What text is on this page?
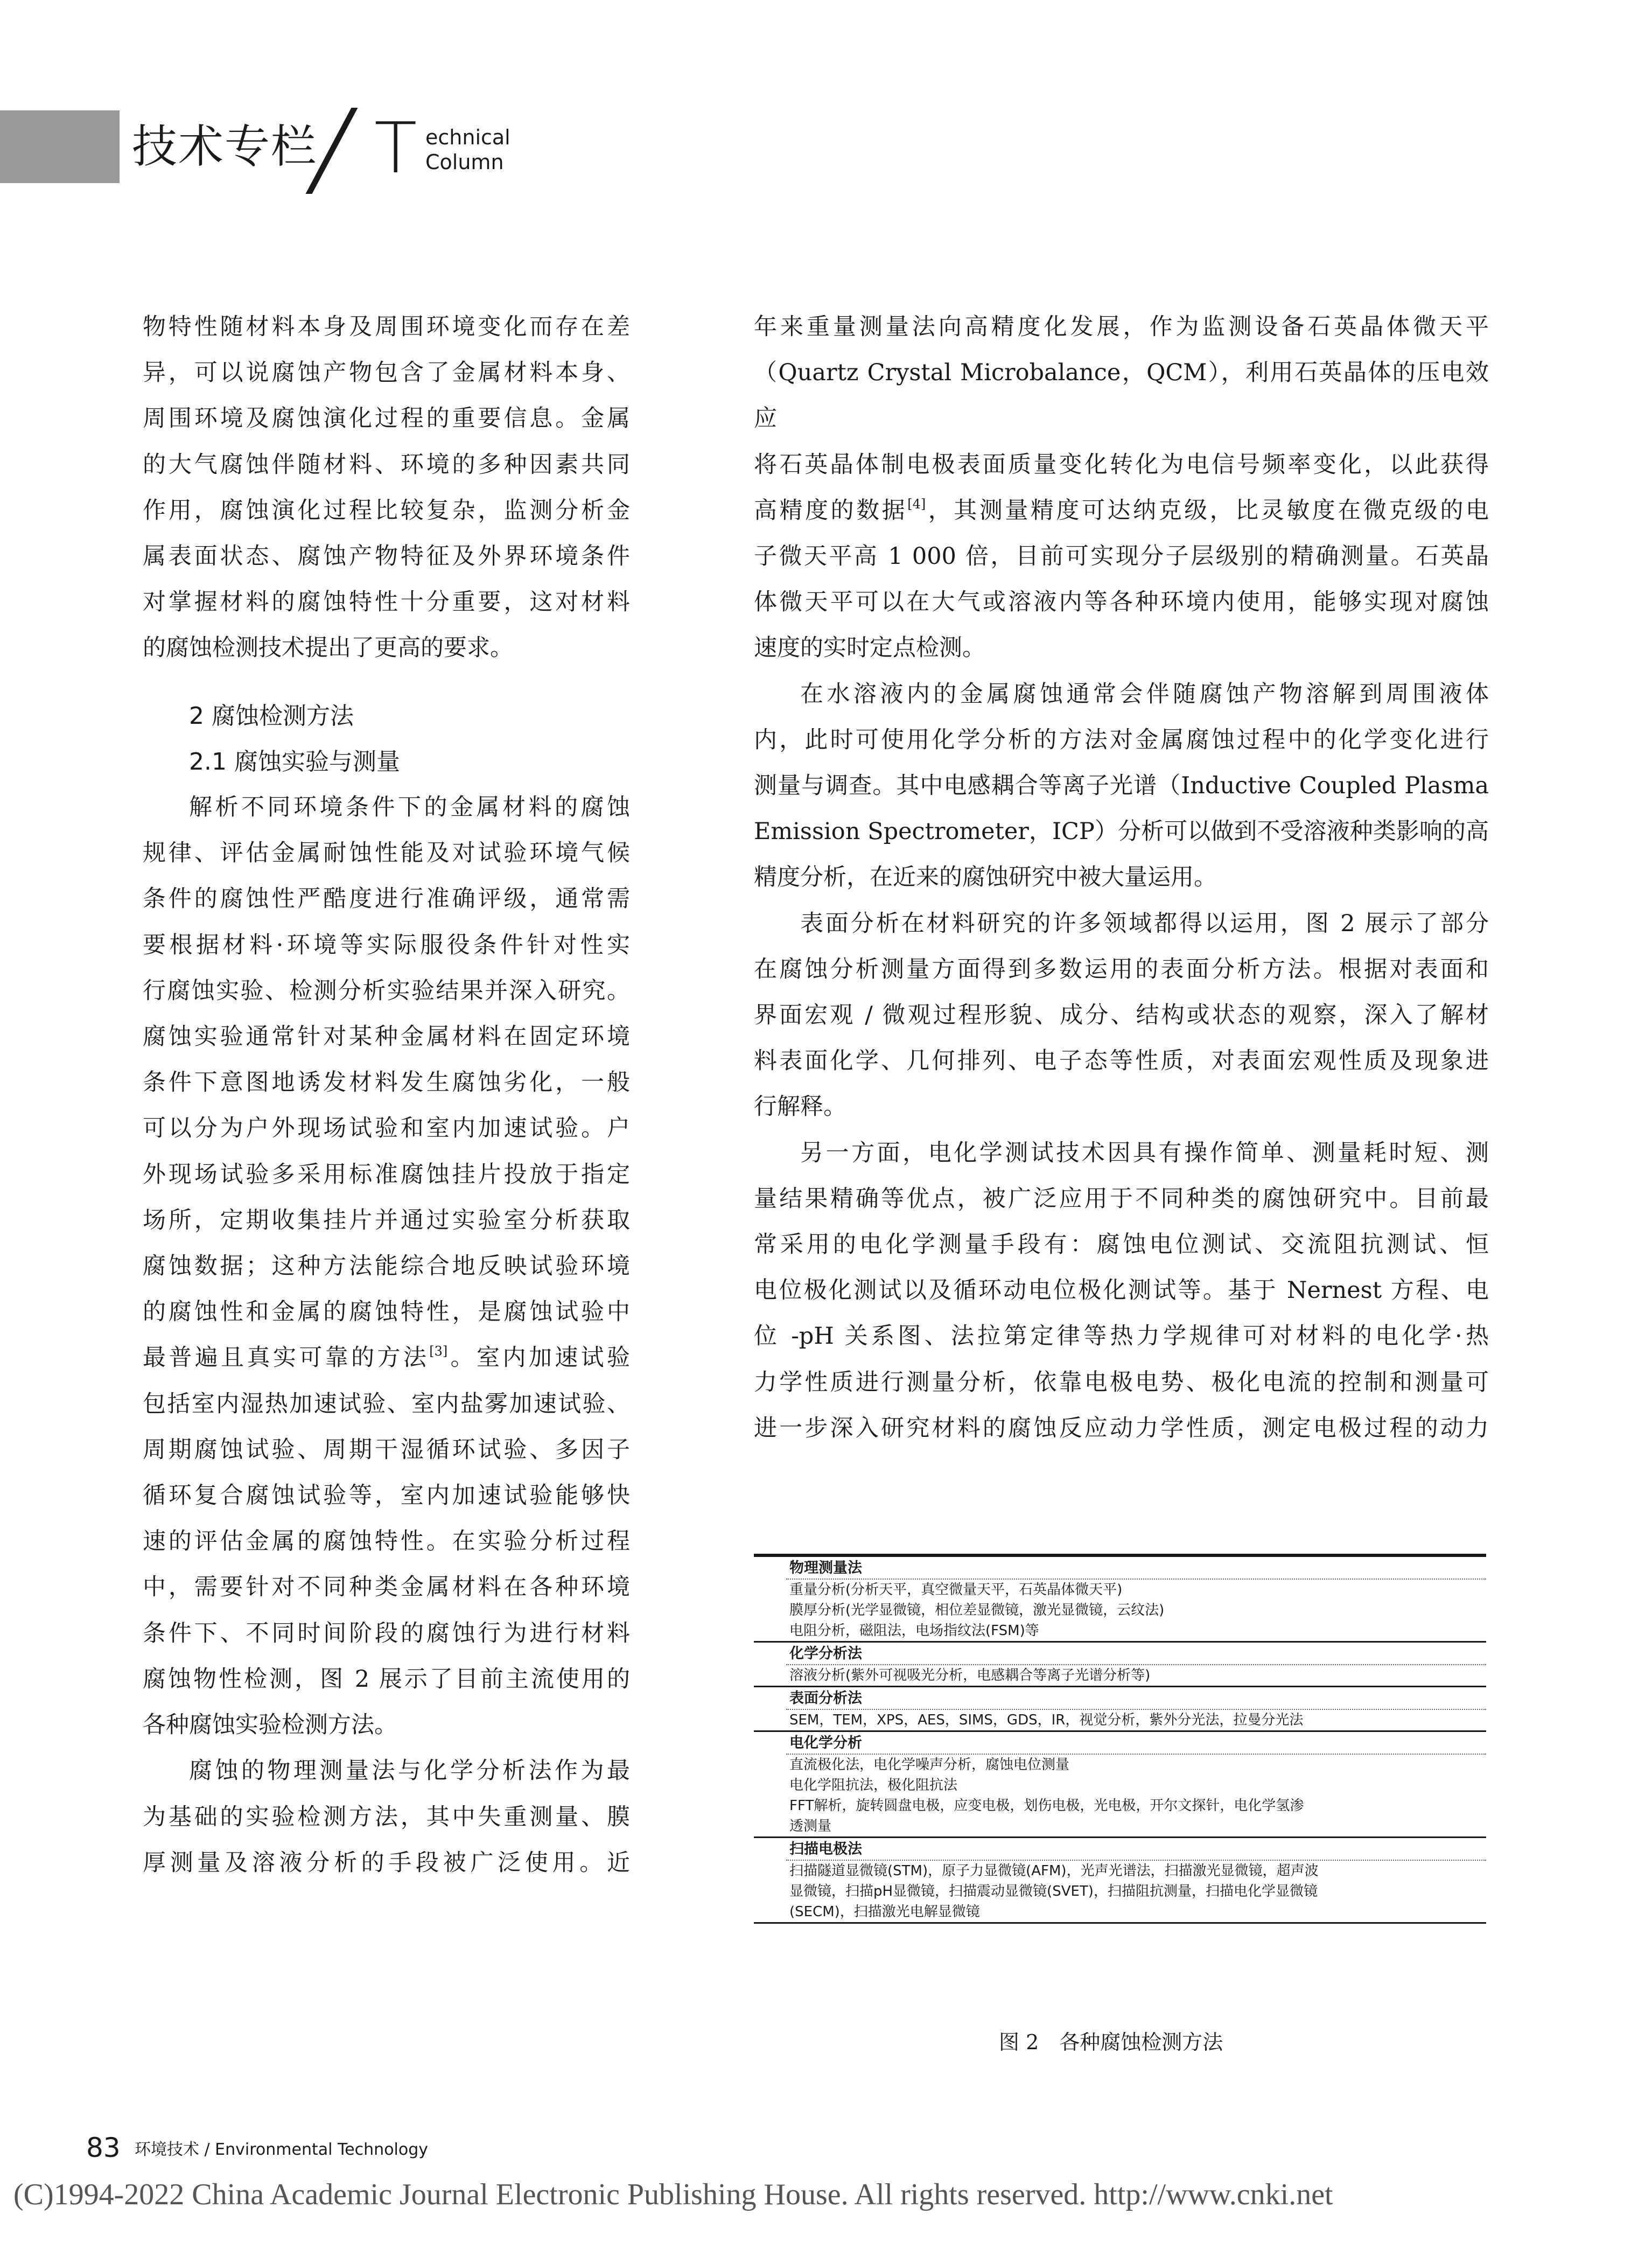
技术专栏 T echnical
Column

物特性随材料本身及周围环境变化而存在差

异，可以说腐蚀产物包含了金属材料本身、

周围环境及腐蚀演化过程的重要信息。金属

的大气腐蚀伴随材料、环境的多种因素共同

作用，腐蚀演化过程比较复杂，监测分析金

属表面状态、腐蚀产物特征及外界环境条件

对掌握材料的腐蚀特性十分重要，这对材料

的腐蚀检测技术提出了更高的要求。

2 腐蚀检测方法

2.1 腐蚀实验与测量

解析不同环境条件下的金属材料的腐蚀

规律、评估金属耐蚀性能及对试验环境气候

条件的腐蚀性严酷度进行准确评级，通常需

要根据材料·环境等实际服役条件针对性实

行腐蚀实验、检测分析实验结果并深入研究。

腐蚀实验通常针对某种金属材料在固定环境

条件下意图地诱发材料发生腐蚀劣化，一般

可以分为户外现场试验和室内加速试验。户

外现场试验多采用标准腐蚀挂片投放于指定

场所，定期收集挂片并通过实验室分析获取

腐蚀数据；这种方法能综合地反映试验环境

的腐蚀性和金属的腐蚀特性，是腐蚀试验中

最普遍且真实可靠的方法[3]。室内加速试验

包括室内湿热加速试验、室内盐雾加速试验、

周期腐蚀试验、周期干湿循环试验、多因子

循环复合腐蚀试验等，室内加速试验能够快

速的评估金属的腐蚀特性。在实验分析过程

中，需要针对不同种类金属材料在各种环境

条件下、不同时间阶段的腐蚀行为进行材料

腐蚀物性检测，图 2 展示了目前主流使用的

各种腐蚀实验检测方法。

腐蚀的物理测量法与化学分析法作为最

为基础的实验检测方法，其中失重测量、膜

厚测量及溶液分析的手段被广泛使用。近

年来重量测量法向高精度化发展，作为监测设备石英晶体微天平

（Quartz Crystal Microbalance，QCM），利用石英晶体的压电效应

将石英晶体制电极表面质量变化转化为电信号频率变化，以此获得

高精度的数据[4]，其测量精度可达纳克级，比灵敏度在微克级的电

子微天平高 1 000 倍，目前可实现分子层级别的精确测量。石英晶

体微天平可以在大气或溶液内等各种环境内使用，能够实现对腐蚀

速度的实时定点检测。

在水溶液内的金属腐蚀通常会伴随腐蚀产物溶解到周围液体

内，此时可使用化学分析的方法对金属腐蚀过程中的化学变化进行

测量与调查。其中电感耦合等离子光谱（Inductive Coupled Plasma

Emission Spectrometer，ICP）分析可以做到不受溶液种类影响的高

精度分析，在近来的腐蚀研究中被大量运用。

表面分析在材料研究的许多领域都得以运用，图 2 展示了部分

在腐蚀分析测量方面得到多数运用的表面分析方法。根据对表面和

界面宏观 / 微观过程形貌、成分、结构或状态的观察，深入了解材

料表面化学、几何排列、电子态等性质，对表面宏观性质及现象进

行解释。

另一方面，电化学测试技术因具有操作简单、测量耗时短、测

量结果精确等优点，被广泛应用于不同种类的腐蚀研究中。目前最

常采用的电化学测量手段有：腐蚀电位测试、交流阻抗测试、恒

电位极化测试以及循环动电位极化测试等。基于 Nernest 方程、电

位 -pH 关系图、法拉第定律等热力学规律可对材料的电化学·热

力学性质进行测量分析，依靠电极电势、极化电流的控制和测量可

进一步深入研究材料的腐蚀反应动力学性质，测定电极过程的动力

物理测量法
重量分析(分析天平，真空微量天平，石英晶体微天平)
膜厚分析(光学显微镜，相位差显微镜，激光显微镜，云纹法)
电阻分析，磁阻法，电场指纹法(FSM)等
化学分析法
溶液分析(紫外可视吸光分析，电感耦合等离子光谱分析等)
表面分析法
SEM，TEM，XPS，AES，SIMS，GDS，IR，视觉分析，紫外分光法，拉曼分光法
电化学分析
直流极化法，电化学噪声分析，腐蚀电位测量
电化学阻抗法，极化阻抗法
FFT解析，旋转圆盘电极，应变电极，划伤电极，光电极，开尔文探针，电化学氢渗
透测量
扫描电极法
扫描隧道显微镜(STM)，原子力显微镜(AFM)，光声光谱法，扫描激光显微镜，超声波
显微镜，扫描pH显微镜，扫描震动显微镜(SVET)，扫描阻抗测量，扫描电化学显微镜
(SECM)，扫描激光电解显微镜
图 2　各种腐蚀检测方法
83 环境技术 / Environmental Technology
(C)1994-2022 China Academic Journal Electronic Publishing House. All rights reserved. http://www.cnki.net
